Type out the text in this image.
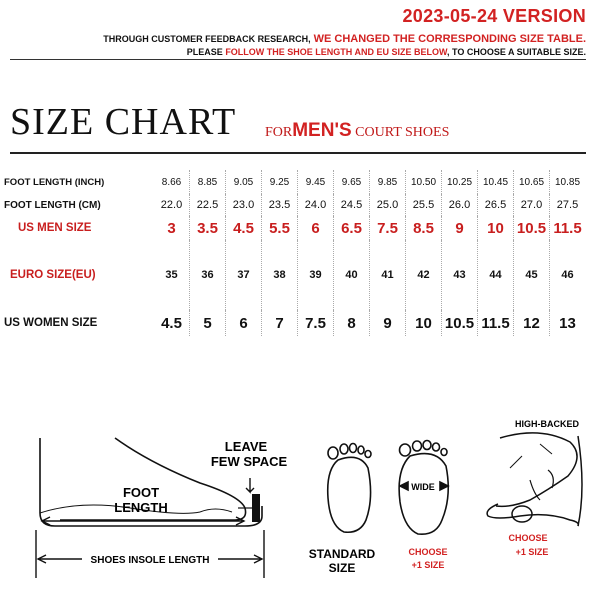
2023-05-24 VERSION
THROUGH CUSTOMER FEEDBACK RESEARCH, WE CHANGED THE CORRESPONDING SIZE TABLE.
PLEASE FOLLOW THE SHOE LENGTH AND EU SIZE BELOW, TO CHOOSE A SUITABLE SIZE.
SIZE CHART FORMEN'S COURT SHOES
FOOT LENGTH (INCH)	8.66	8.85	9.05	9.25	9.45	9.65	9.85	10.50	10.25	10.45	10.65	10.85
FOOT LENGTH (CM)	22.0	22.5	23.0	23.5	24.0	24.5	25.0	25.5	26.0	26.5	27.0	27.5
US MEN SIZE	3	3.5	4.5	5.5	6	6.5	7.5	8.5	9	10	10.5	11.5
EURO SIZE(EU)	35	36	37	38	39	40	41	42	43	44	45	46
US WOMEN SIZE	4.5	5	6	7	7.5	8	9	10	10.5	11.5	12	13
LEAVE
FEW SPACE
FOOT
LENGTH
SHOES INSOLE LENGTH	STANDARD
SIZE
WIDE
CHOOSE
+1 SIZE
HIGH-BACKED
CHOOSE
+1 SIZE
